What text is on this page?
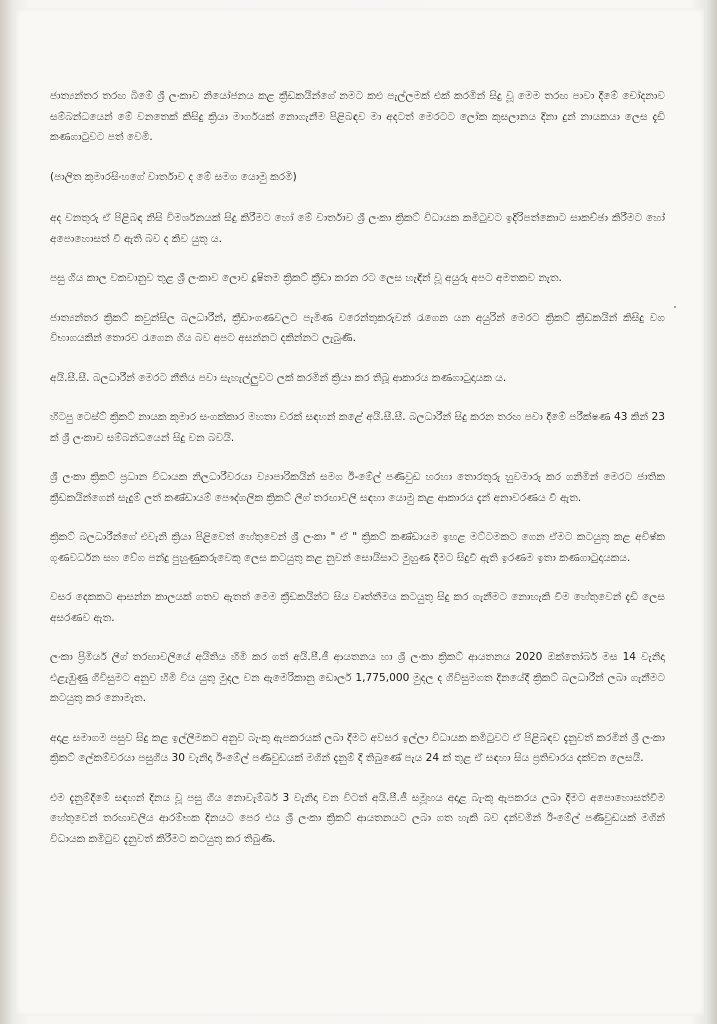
ජාත්‍යන්තර තරඟ බිමේ ශ්‍රී ලංකාව නියෝජනය කළ ක්‍රීඩකයින්ගේ නමට කළු පැල්ලමක් එක් කරමින් සිදු වූ මෙම තරඟ පාවා දීමේ චෝදනාව සම්බන්ධයෙන් මේ වනතෙක් කිසිදු ක්‍රියා මාර්ගයක් නොගැනීම පිළිබඳව මා අදටත් මෙරටට ලෝක කුසලානය දිනා දුන් නායකයා ලෙස දැඩි කණගාටුවට පත් වෙමි.

(පාලිත කුමාරසිංහගේ වාර්තාව ද මේ සමග යොමු කරමි)

අද වනතුරු ඒ පිළිබඳ නිසි විමර්ශනයක් සිදු කිරීමට හෝ මේ වාර්තාව ශ්‍රී ලංකා ක්‍රිකට් විධායක කමිටුවට ඉදිරිපත්කොට සාකච්ඡා කිරීමට හෝ අපොහොසත් වී ඇති බව ද කිව යුතු ය.

පසු ගිය කාල වකවානුව තුළ ශ්‍රී ලංකාව ලොව දූෂිතම ක්‍රිකට් ක්‍රීඩා කරන රට ලෙස හැඳින් වූ අයුරු අපට අමතකව නැත.

ජාත්‍යන්තර ක්‍රිකට් කවුන්සිල බලධාරීන්, ක්‍රීඩාංගණවලට පැමිණ වරෙන්තුකරුවන් රැගෙන යන අයුරින් මෙරට ක්‍රිකට් ක්‍රීඩකයින් කිසිදු වග විභාගයකින් තොරව රැගෙන ගිය බව අපට අසන්නට දකින්නට ලැබුණි.

අයි.සී.සී. බලධාරීන් මෙරට නීතිය පවා සැහැල්ලුවට ලක් කරමින් ක්‍රියා කර තිබූ ආකාරය කණගාටුදායක ය.

හිටපු ටෙස්ට් ක්‍රිකට් නායක කුමාර සංගක්කාර මහතා වරක් සඳහන් කළේ අයි.සී.සී. බලධාරීන් සිදු කරන තරඟ පවා දීමේ පරීක්ෂණ 43 කින් 23 ක් ශ්‍රී ලංකාව සම්බන්ධයෙන් සිදු වන බවයි.

ශ්‍රී ලංකා ක්‍රිකට් ප්‍රධාන විධායක නිලධාරීවරයා ව්‍යාපාරිකයින් සමග ඊ-මේල් පණිවුඩ හරහා තොරතුරු හුවමාරු කර ගනිමින් මෙරට ජාතික ක්‍රීඩකයින්ගෙන් සැදුම් ලත් කණ්ඩායම් පෞද්ගලික ක්‍රිකට් ලීග් තරඟාවලි සඳහා යොමු කළ ආකාරය දැන් අනාවරණය වී ඇත.

ක්‍රිකට් බලධාරීන්ගේ එවැනි ක්‍රියා පිළිවෙත් හේතුවෙන් ශ්‍රී ලංකා " ඒ " ක්‍රිකට් කණ්ඩායම ඉහළ මට්ටමකට ගෙන ඒමට කටයුතු කළ අවිෂ්ක ගුණවර්ධන සහ වේග පන්දු පුහුණුකරුවෙකු ලෙස කටයුතු කළ නුවන් සොයිසාට මුහුණ දීමට සිදුවී ඇති ඉරණම ඉතා කණගාටුදායකය.

වසර දෙකකට ආසන්න කාලයක් ගතව ඇතත් මෙම ක්‍රීඩකයින්ට සිය වෘත්තීමය කටයුතු සිදු කර ගැනීමට නොහැකි වීම හේතුවෙන් දැඩි ලෙස අසරණව ඇත.

ලංකා ප්‍රිමියර් ලීග් තරඟාවලියේ අයිතිය හිමි කර ගත් අයි.පී.ජී ආයතනය හා ශ්‍රී ලංකා ක්‍රිකට් ආයතනය 2020 ඔක්තෝබර් මස 14 වැනිදා එළැඹුණු ගිවිසුමට අනුව හිමි විය යුතු මුදල වන ඇමෙරිකානු ඩොලර් 1,775,000 මුදල ද ගිවිසුමගත දිනයේදී ක්‍රිකට් බලධාරීන් ලබා ගැනීමට කටයුතු කර නොමැත.

අදාළ සමාගම පසුව සිදු කළ ඉල්ලීමකට අනුව බැංකු ඇපකරයක් ලබා දීමට අවසර ඉල්ලා විධායක කමිටුවට ඒ පිළිබඳව දැනුවත් කරමින් ශ්‍රී ලංකා ක්‍රිකට් ලේකම්වරයා පසුගිය 30 වැනිදා ඊ-මේල් පණිවුඩයක් මගින් දැනුම් දී තිබුණේ පැය 24 ක් තුළ ඒ සඳහා සිය ප්‍රතිචාරය දක්වන ලෙසයි.

එම දැනුම්දීමේ සඳහන් දිනය වූ පසු ගිය නොවැම්බර් 3 වැනිදා වන විටත් අයි.පී.ජී සමූහය අදාළ බැංකු ඇපකරය ලබා දීමට අපොහොසත්වීම හේතුවෙන් තරඟාවලිය ආරම්භක දිනයට පෙර එය ශ්‍රී ලංකා ක්‍රිකට් ආයතනයට ලබා ගත හැකි බව දන්වමින් ඊ-මේල් පණිවුඩයක් මගින් විධායක කමිටුව දැනුවත් කිරීමට කටයුතු කර තිබුණි.
